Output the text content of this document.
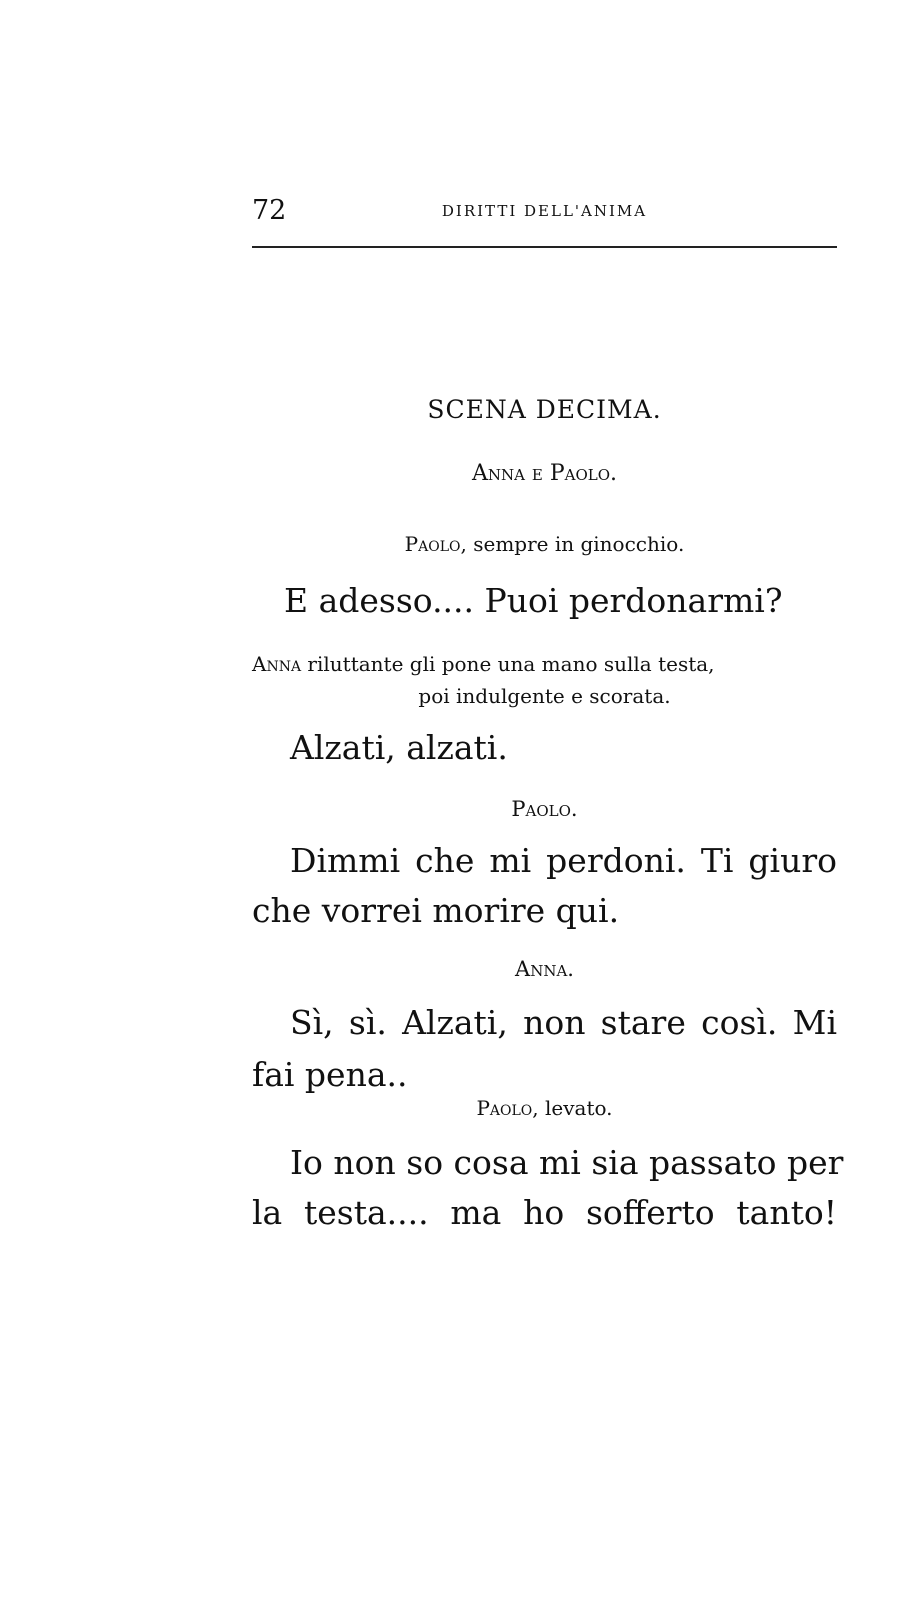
72	DIRITTI DELL'ANIMA
SCENA DECIMA.
Anna e Paolo.
Paolo, sempre in ginocchio.
E adesso.... Puoi perdonarmi?
Anna riluttante gli pone una mano sulla testa,
poi indulgente e scorata.
Alzati, alzati.
Paolo.
Dimmi che mi perdoni. Ti giuro
che vorrei morire qui.
Anna.
Sì, sì. Alzati, non stare così. Mi
fai pena..
Paolo, levato.
Io non so cosa mi sia passato per
la testa.... ma ho sofferto tanto!
